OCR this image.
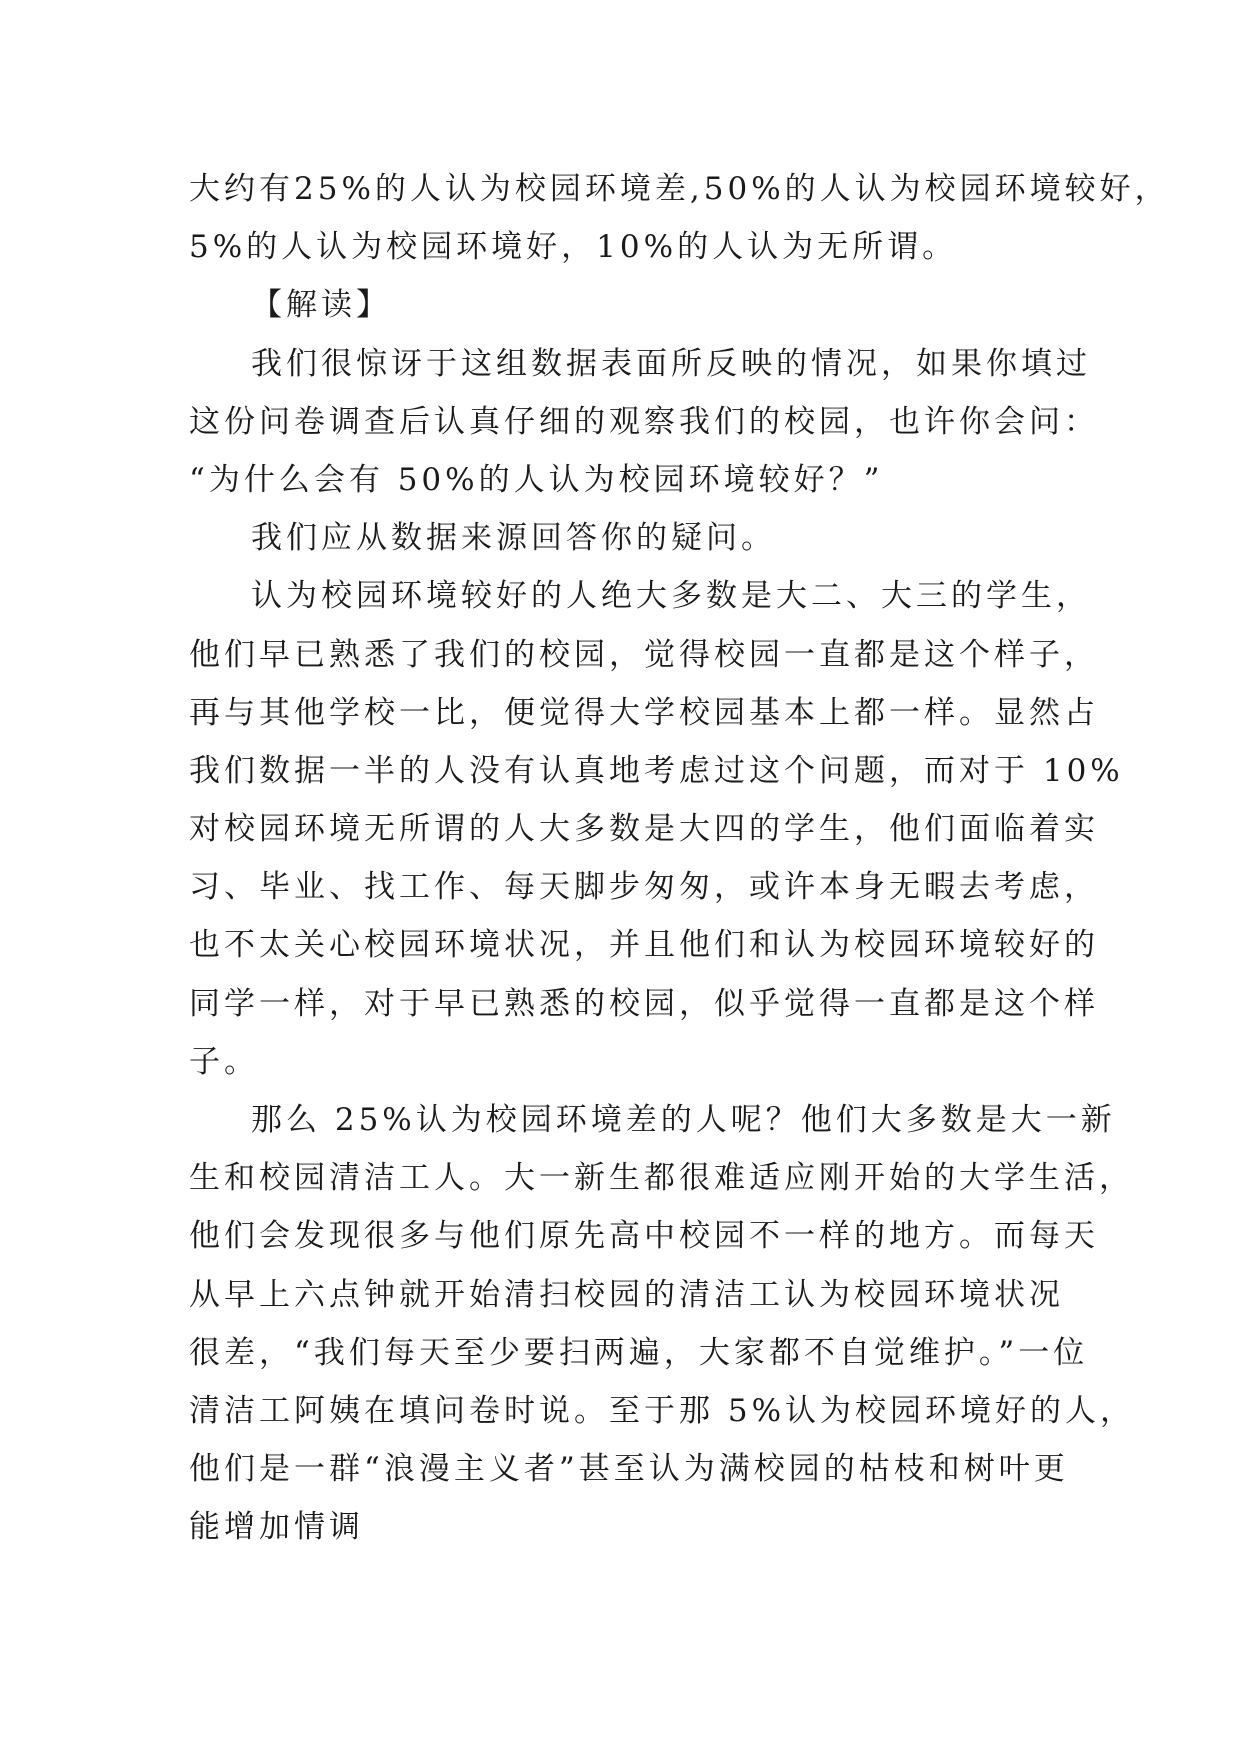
大约有25%的人认为校园环境差,50%的人认为校园环境较好，
5%的人认为校园环境好，10%的人认为无所谓。
【解读】
我们很惊讶于这组数据表面所反映的情况，如果你填过
这份问卷调查后认真仔细的观察我们的校园，也许你会问：
“为什么会有 50%的人认为校园环境较好？”
我们应从数据来源回答你的疑问。
认为校园环境较好的人绝大多数是大二、大三的学生，
他们早已熟悉了我们的校园，觉得校园一直都是这个样子，
再与其他学校一比，便觉得大学校园基本上都一样。显然占
我们数据一半的人没有认真地考虑过这个问题，而对于 10%
对校园环境无所谓的人大多数是大四的学生，他们面临着实
习、毕业、找工作、每天脚步匆匆，或许本身无暇去考虑，
也不太关心校园环境状况，并且他们和认为校园环境较好的
同学一样，对于早已熟悉的校园，似乎觉得一直都是这个样
子。
那么 25%认为校园环境差的人呢？他们大多数是大一新
生和校园清洁工人。大一新生都很难适应刚开始的大学生活，
他们会发现很多与他们原先高中校园不一样的地方。而每天
从早上六点钟就开始清扫校园的清洁工认为校园环境状况
很差，“我们每天至少要扫两遍，大家都不自觉维护。”一位
清洁工阿姨在填问卷时说。至于那 5%认为校园环境好的人，
他们是一群“浪漫主义者”甚至认为满校园的枯枝和树叶更
能增加情调
